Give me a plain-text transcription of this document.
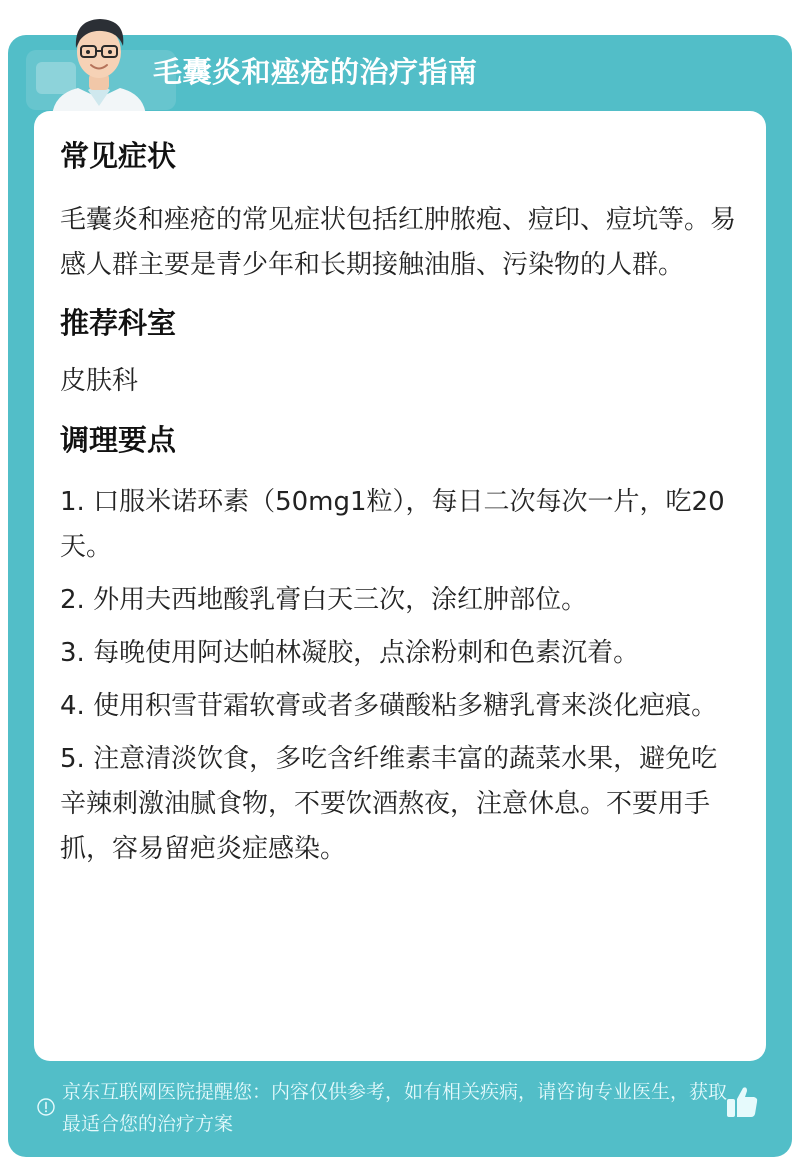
毛囊炎和痤疮的治疗指南
常见症状
毛囊炎和痤疮的常见症状包括红肿脓疱、痘印、痘坑等。易感人群主要是青少年和长期接触油脂、污染物的人群。
推荐科室
皮肤科
调理要点
1. 口服米诺环素（50mg1粒），每日二次每次一片，吃20天。
2. 外用夫西地酸乳膏白天三次，涂红肿部位。
3. 每晚使用阿达帕林凝胶，点涂粉刺和色素沉着。
4. 使用积雪苷霜软膏或者多磺酸粘多糖乳膏来淡化疤痕。
5. 注意清淡饮食，多吃含纤维素丰富的蔬菜水果，避免吃辛辣刺激油腻食物，不要饮酒熬夜，注意休息。不要用手抓，容易留疤炎症感染。
京东互联网医院提醒您：内容仅供参考，如有相关疾病，请咨询专业医生，获取最适合您的治疗方案
